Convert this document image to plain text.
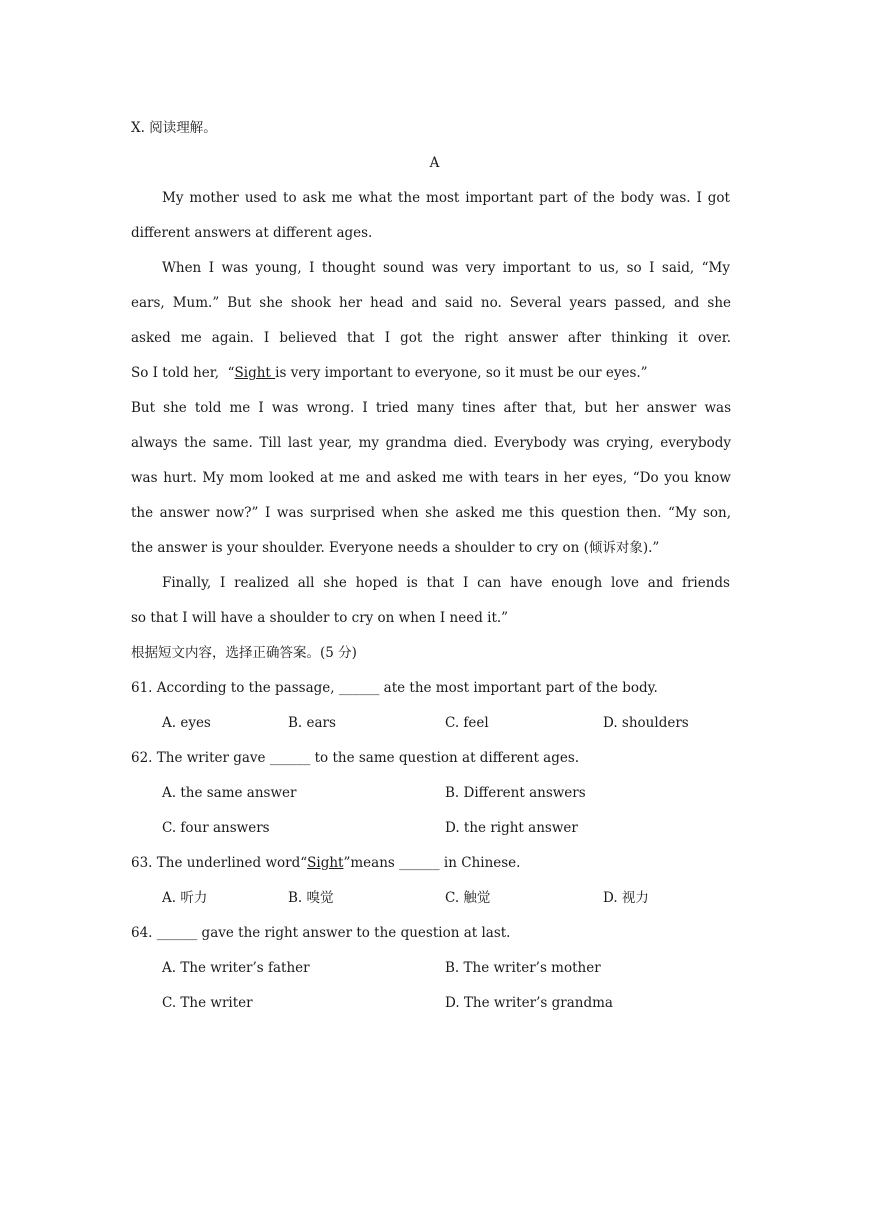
Ⅹ. 阅读理解。
A
My mother used to ask me what the most important part of the body was. I got
different answers at different ages.
When I was young, I thought sound was very important to us, so I said, “My
ears, Mum.” But she shook her head and said no. Several years passed, and she
asked me again. I believed that I got the right answer after thinking it over.
So I told her,  “Sight is very important to everyone, so it must be our eyes.”
But she told me I was wrong. I tried many tines after that, but her answer was
always the same. Till last year, my grandma died. Everybody was crying, everybody
was hurt. My mom looked at me and asked me with tears in her eyes, “Do you know
the answer now?” I was surprised when she asked me this question then. “My son,
the answer is your shoulder. Everyone needs a shoulder to cry on (倾诉对象).”
Finally, I realized all she hoped is that I can have enough love and friends
so that I will have a shoulder to cry on when I need it.”
根据短文内容，选择正确答案。(5 分)
61. According to the passage, ______ ate the most important part of the body.
A. eyes	B. ears	C. feel	D. shoulders
62. The writer gave ______ to the same question at different ages.
A. the same answer	B. Different answers
C. four answers	D. the right answer
63. The underlined word“Sight”means ______ in Chinese.
A. 听力	B. 嗅觉	C. 触觉	D. 视力
64. ______ gave the right answer to the question at last.
A. The writer’s father	B. The writer’s mother
C. The writer	D. The writer’s grandma
